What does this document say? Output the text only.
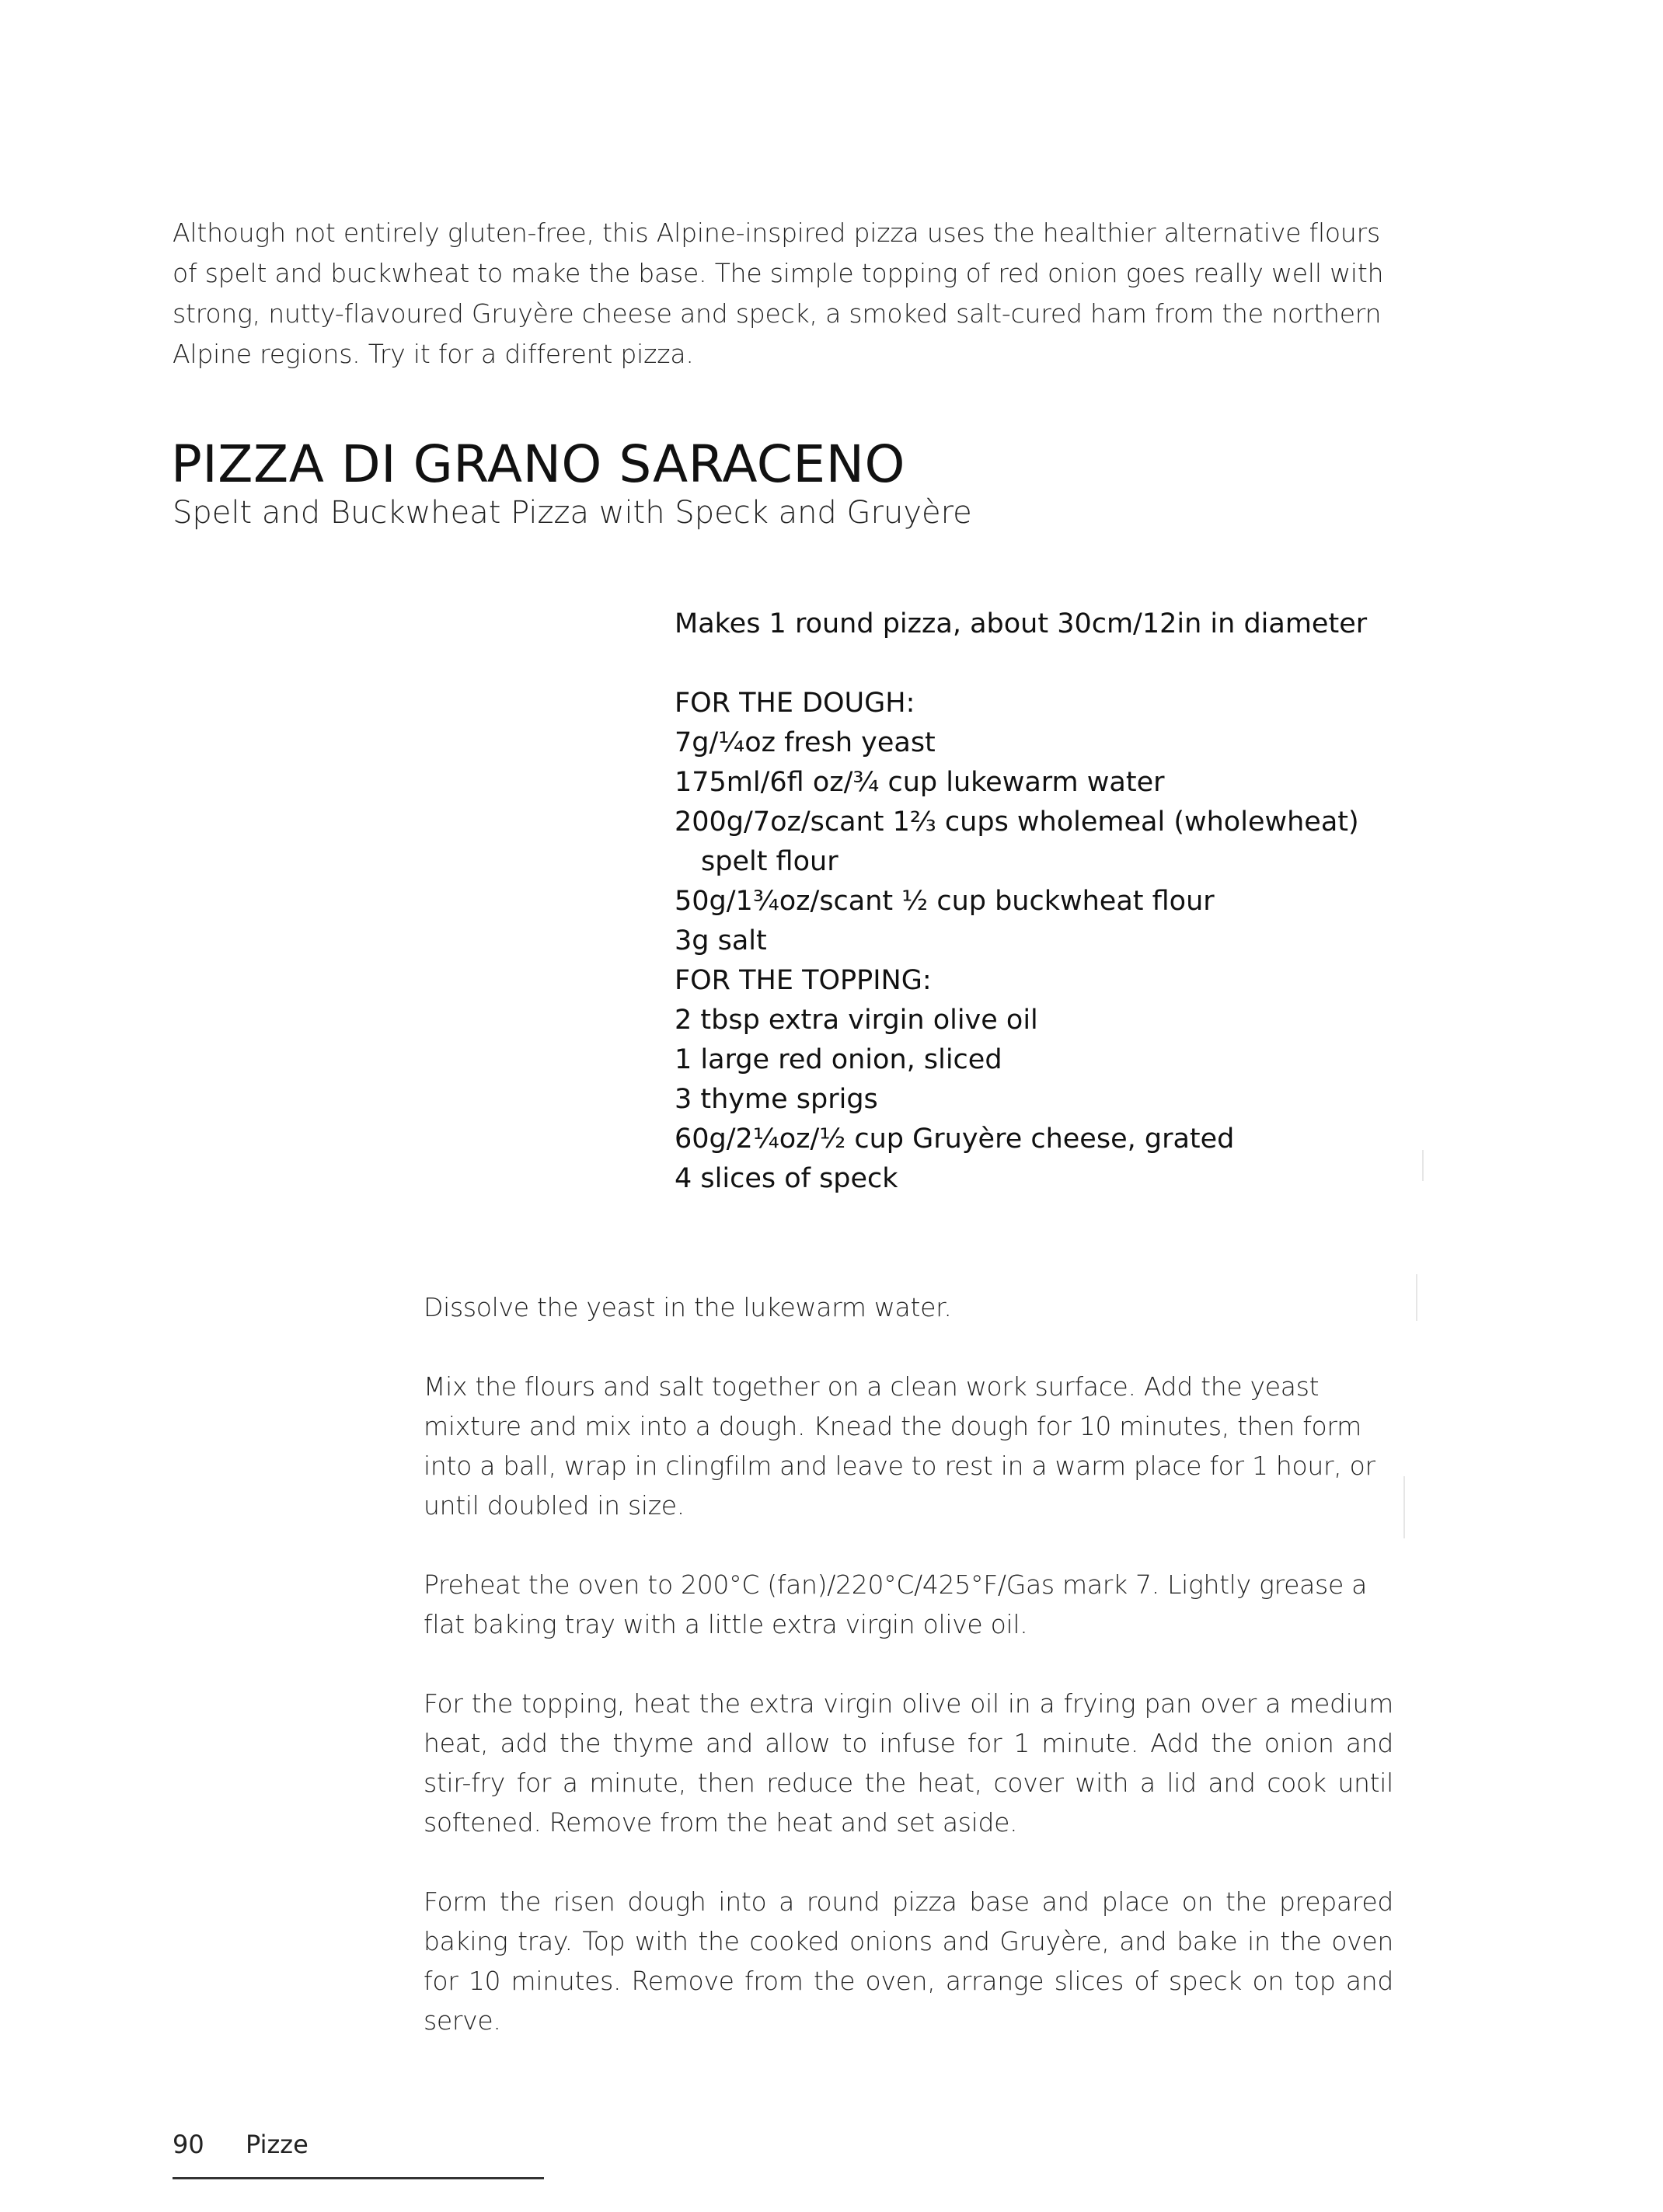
Although not entirely gluten-free, this Alpine-inspired pizza uses the healthier alternative flours of spelt and buckwheat to make the base. The simple topping of red onion goes really well with strong, nutty-flavoured Gruyère cheese and speck, a smoked salt-cured ham from the northern Alpine regions. Try it for a different pizza.

PIZZA DI GRANO SARACENO
Spelt and Buckwheat Pizza with Speck and Gruyère
Makes 1 round pizza, about 30cm/12in in diameter
FOR THE DOUGH:
7g/¼oz fresh yeast
175ml/6fl oz/¾ cup lukewarm water
200g/7oz/scant 1⅔ cups wholemeal (wholewheat)
spelt flour
50g/1¾oz/scant ½ cup buckwheat flour
3g salt
FOR THE TOPPING:
2 tbsp extra virgin olive oil
1 large red onion, sliced
3 thyme sprigs
60g/2¼oz/½ cup Gruyère cheese, grated
4 slices of speck

Dissolve the yeast in the lukewarm water.

Mix the flours and salt together on a clean work surface. Add the yeast mixture and mix into a dough. Knead the dough for 10 minutes, then form into a ball, wrap in clingfilm and leave to rest in a warm place for 1 hour, or until doubled in size.

Preheat the oven to 200°C (fan)/220°C/425°F/Gas mark 7. Lightly grease a flat baking tray with a little extra virgin olive oil.

For the topping, heat the extra virgin olive oil in a frying pan over a medium heat, add the thyme and allow to infuse for 1 minute. Add the onion and stir-fry for a minute, then reduce the heat, cover with a lid and cook until softened. Remove from the heat and set aside.

Form the risen dough into a round pizza base and place on the prepared baking tray. Top with the cooked onions and Gruyère, and bake in the oven for 10 minutes. Remove from the oven, arrange slices of speck on top and serve.

90 Pizze
